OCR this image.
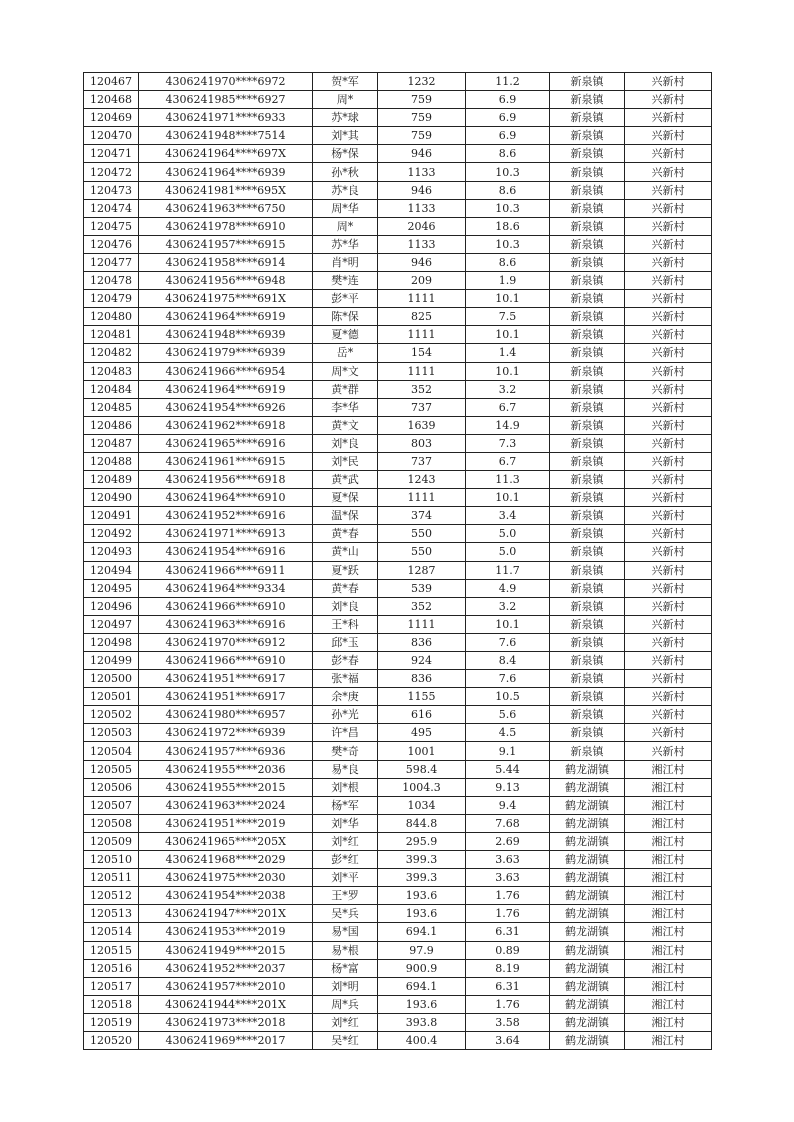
120467	4306241970****6972	贺*军	1232	11.2	新泉镇	兴新村
120468	4306241985****6927	周*	759	6.9	新泉镇	兴新村
120469	4306241971****6933	苏*球	759	6.9	新泉镇	兴新村
120470	4306241948****7514	刘*其	759	6.9	新泉镇	兴新村
120471	4306241964****697X	杨*保	946	8.6	新泉镇	兴新村
120472	4306241964****6939	孙*秋	1133	10.3	新泉镇	兴新村
120473	4306241981****695X	苏*良	946	8.6	新泉镇	兴新村
120474	4306241963****6750	周*华	1133	10.3	新泉镇	兴新村
120475	4306241978****6910	周*	2046	18.6	新泉镇	兴新村
120476	4306241957****6915	苏*华	1133	10.3	新泉镇	兴新村
120477	4306241958****6914	肖*明	946	8.6	新泉镇	兴新村
120478	4306241956****6948	樊*连	209	1.9	新泉镇	兴新村
120479	4306241975****691X	彭*平	1111	10.1	新泉镇	兴新村
120480	4306241964****6919	陈*保	825	7.5	新泉镇	兴新村
120481	4306241948****6939	夏*德	1111	10.1	新泉镇	兴新村
120482	4306241979****6939	岳*	154	1.4	新泉镇	兴新村
120483	4306241966****6954	周*文	1111	10.1	新泉镇	兴新村
120484	4306241964****6919	黄*群	352	3.2	新泉镇	兴新村
120485	4306241954****6926	李*华	737	6.7	新泉镇	兴新村
120486	4306241962****6918	黄*文	1639	14.9	新泉镇	兴新村
120487	4306241965****6916	刘*良	803	7.3	新泉镇	兴新村
120488	4306241961****6915	刘*民	737	6.7	新泉镇	兴新村
120489	4306241956****6918	黄*武	1243	11.3	新泉镇	兴新村
120490	4306241964****6910	夏*保	1111	10.1	新泉镇	兴新村
120491	4306241952****6916	温*保	374	3.4	新泉镇	兴新村
120492	4306241971****6913	黄*春	550	5.0	新泉镇	兴新村
120493	4306241954****6916	黄*山	550	5.0	新泉镇	兴新村
120494	4306241966****6911	夏*跃	1287	11.7	新泉镇	兴新村
120495	4306241964****9334	黄*春	539	4.9	新泉镇	兴新村
120496	4306241966****6910	刘*良	352	3.2	新泉镇	兴新村
120497	4306241963****6916	王*科	1111	10.1	新泉镇	兴新村
120498	4306241970****6912	邱*玉	836	7.6	新泉镇	兴新村
120499	4306241966****6910	彭*春	924	8.4	新泉镇	兴新村
120500	4306241951****6917	张*福	836	7.6	新泉镇	兴新村
120501	4306241951****6917	余*庚	1155	10.5	新泉镇	兴新村
120502	4306241980****6957	孙*光	616	5.6	新泉镇	兴新村
120503	4306241972****6939	许*昌	495	4.5	新泉镇	兴新村
120504	4306241957****6936	樊*奇	1001	9.1	新泉镇	兴新村
120505	4306241955****2036	易*良	598.4	5.44	鹤龙湖镇	湘江村
120506	4306241955****2015	刘*根	1004.3	9.13	鹤龙湖镇	湘江村
120507	4306241963****2024	杨*军	1034	9.4	鹤龙湖镇	湘江村
120508	4306241951****2019	刘*华	844.8	7.68	鹤龙湖镇	湘江村
120509	4306241965****205X	刘*红	295.9	2.69	鹤龙湖镇	湘江村
120510	4306241968****2029	彭*红	399.3	3.63	鹤龙湖镇	湘江村
120511	4306241975****2030	刘*平	399.3	3.63	鹤龙湖镇	湘江村
120512	4306241954****2038	王*罗	193.6	1.76	鹤龙湖镇	湘江村
120513	4306241947****201X	吴*兵	193.6	1.76	鹤龙湖镇	湘江村
120514	4306241953****2019	易*国	694.1	6.31	鹤龙湖镇	湘江村
120515	4306241949****2015	易*根	97.9	0.89	鹤龙湖镇	湘江村
120516	4306241952****2037	杨*富	900.9	8.19	鹤龙湖镇	湘江村
120517	4306241957****2010	刘*明	694.1	6.31	鹤龙湖镇	湘江村
120518	4306241944****201X	周*兵	193.6	1.76	鹤龙湖镇	湘江村
120519	4306241973****2018	刘*红	393.8	3.58	鹤龙湖镇	湘江村
120520	4306241969****2017	吴*红	400.4	3.64	鹤龙湖镇	湘江村
